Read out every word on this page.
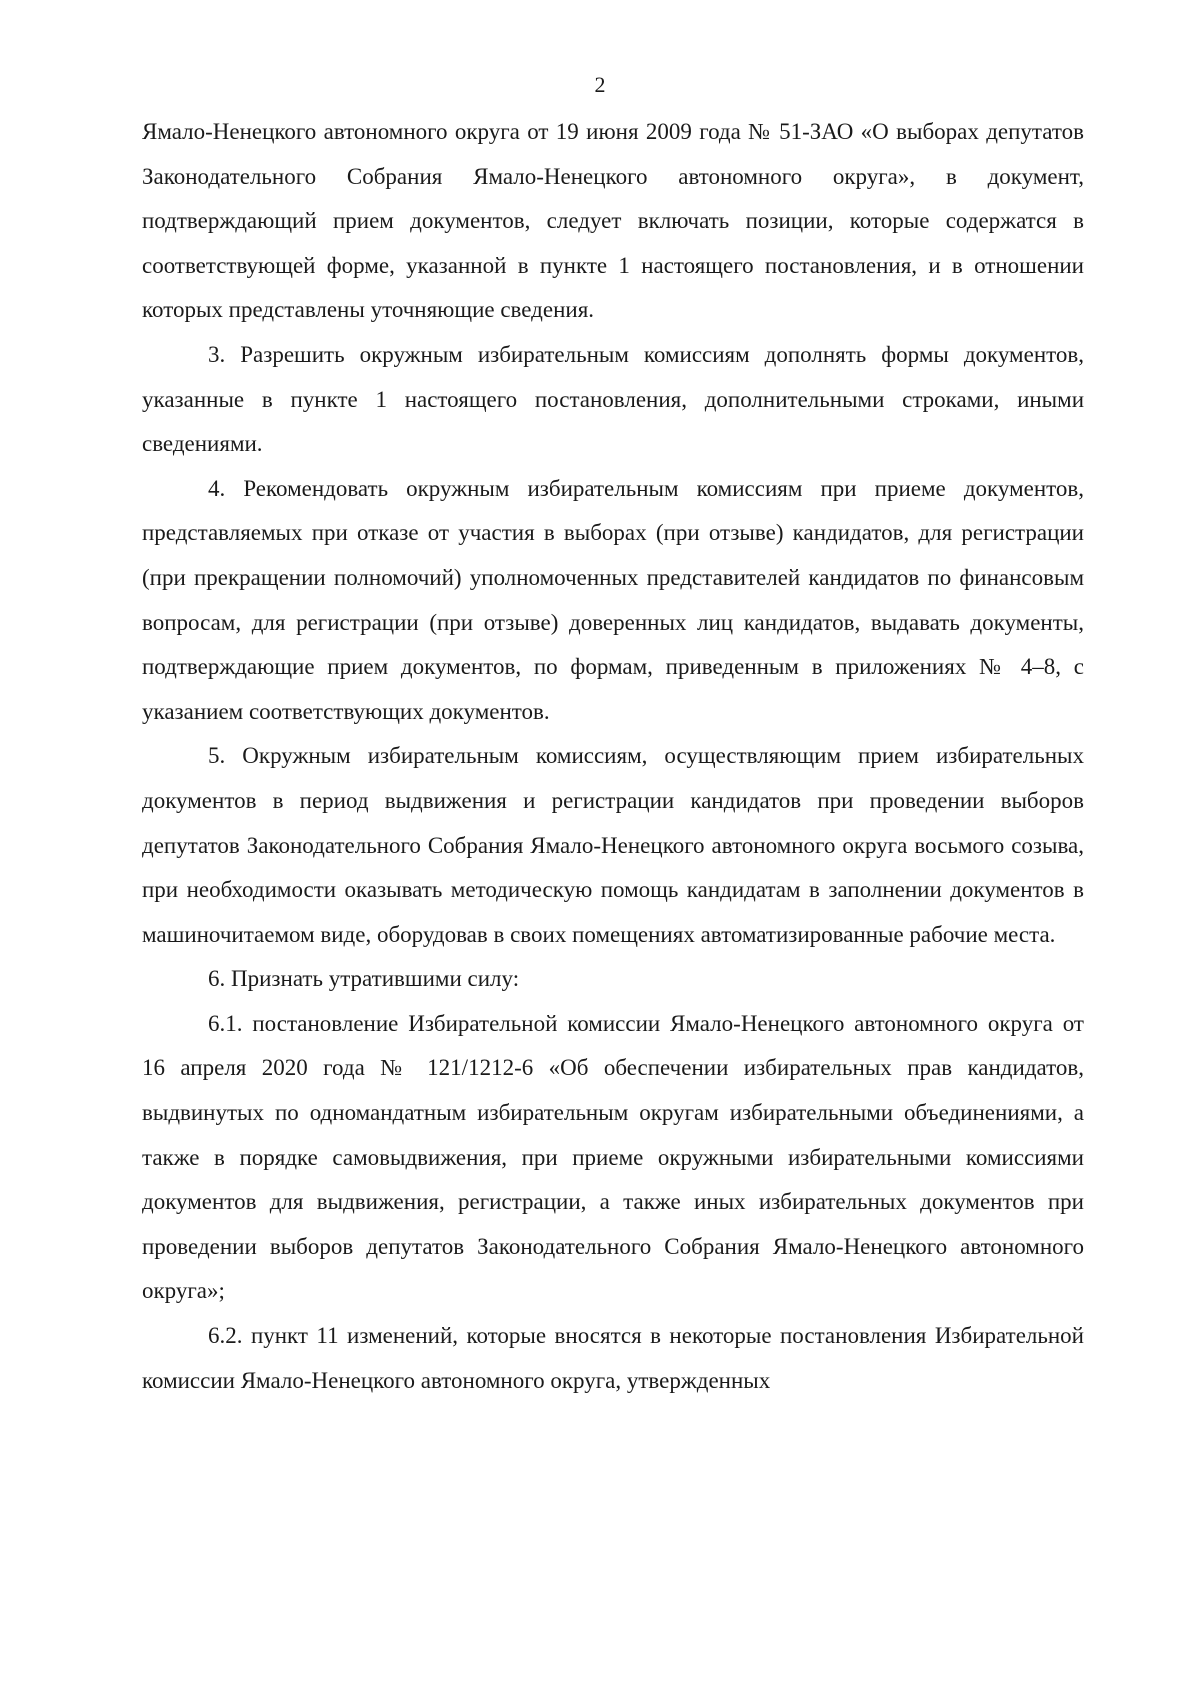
2

Ямало-Ненецкого автономного округа от 19 июня 2009 года № 51-ЗАО «О выборах депутатов Законодательного Собрания Ямало-Ненецкого автономного округа», в документ, подтверждающий прием документов, следует включать позиции, которые содержатся в соответствующей форме, указанной в пункте 1 настоящего постановления, и в отношении которых представлены уточняющие сведения.

3. Разрешить окружным избирательным комиссиям дополнять формы документов, указанные в пункте 1 настоящего постановления, дополнительными строками, иными сведениями.

4. Рекомендовать окружным избирательным комиссиям при приеме документов, представляемых при отказе от участия в выборах (при отзыве) кандидатов, для регистрации (при прекращении полномочий) уполномоченных представителей кандидатов по финансовым вопросам, для регистрации (при отзыве) доверенных лиц кандидатов, выдавать документы, подтверждающие прием документов, по формам, приведенным в приложениях № 4–8, с указанием соответствующих документов.

5. Окружным избирательным комиссиям, осуществляющим прием избирательных документов в период выдвижения и регистрации кандидатов при проведении выборов депутатов Законодательного Собрания Ямало-Ненецкого автономного округа восьмого созыва, при необходимости оказывать методическую помощь кандидатам в заполнении документов в машиночитаемом виде, оборудовав в своих помещениях автоматизированные рабочие места.

6. Признать утратившими силу:

6.1. постановление Избирательной комиссии Ямало-Ненецкого автономного округа от 16 апреля 2020 года № 121/1212-6 «Об обеспечении избирательных прав кандидатов, выдвинутых по одномандатным избирательным округам избирательными объединениями, а также в порядке самовыдвижения, при приеме окружными избирательными комиссиями документов для выдвижения, регистрации, а также иных избирательных документов при проведении выборов депутатов Законодательного Собрания Ямало-Ненецкого автономного округа»;

6.2. пункт 11 изменений, которые вносятся в некоторые постановления Избирательной комиссии Ямало-Ненецкого автономного округа, утвержденных
